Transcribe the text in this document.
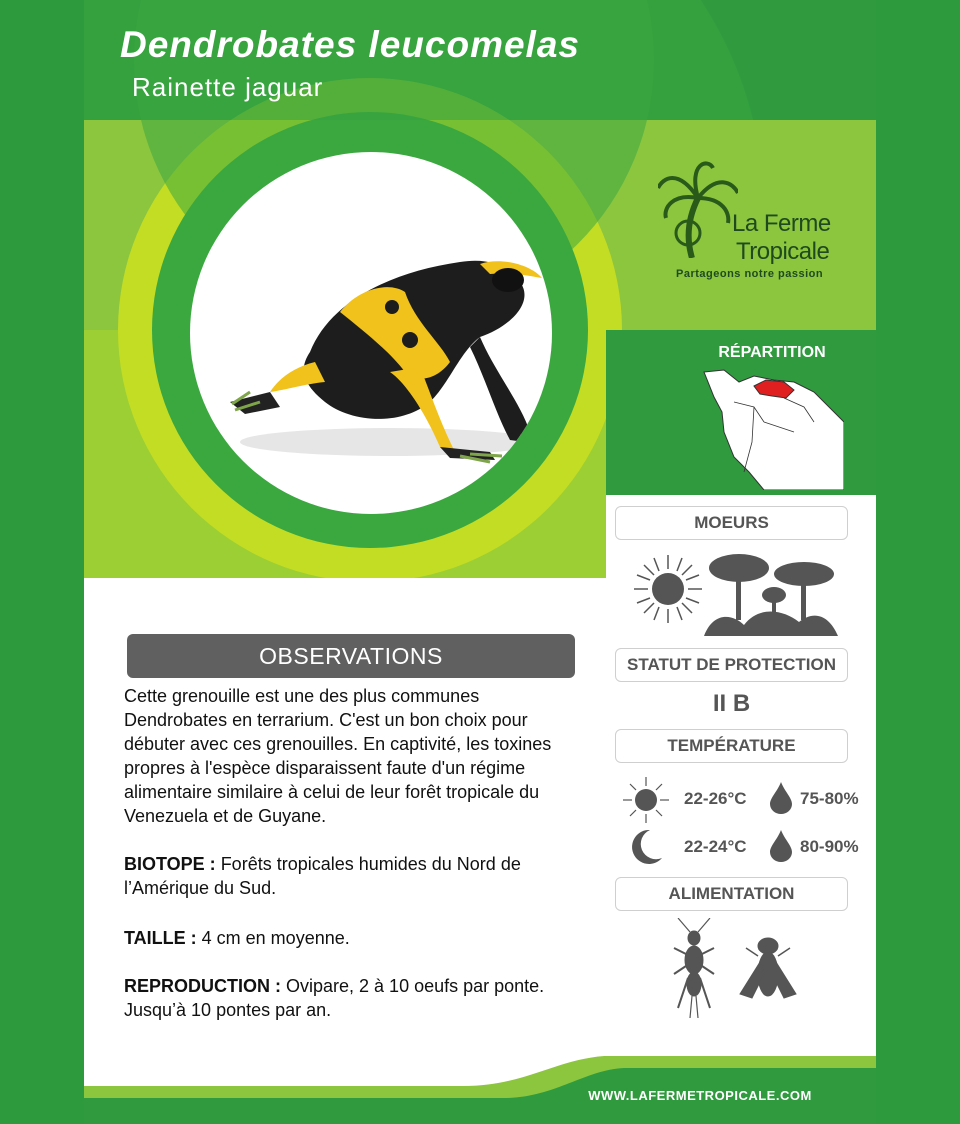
Dendrobates leucomelas
Rainette jaguar
La Ferme
Tropicale
Partageons notre passion
RÉPARTITION
MOEURS
STATUT DE PROTECTION
II B
TEMPÉRATURE
22-26°C	75-80%
22-24°C	80-90%
ALIMENTATION
OBSERVATIONS
Cette grenouille est une des plus communes Dendrobates en terrarium. C'est un bon choix pour débuter avec ces grenouilles. En captivité, les toxines propres à l'espèce disparaissent faute d'un régime alimentaire similaire à celui de leur forêt tropicale du Venezuela et de Guyane.
BIOTOPE : Forêts tropicales humides du Nord de l’Amérique du Sud.
TAILLE : 4 cm en moyenne.
REPRODUCTION : Ovipare, 2 à 10 oeufs par ponte. Jusqu’à 10 pontes par an.
WWW.LAFERMETROPICALE.COM
